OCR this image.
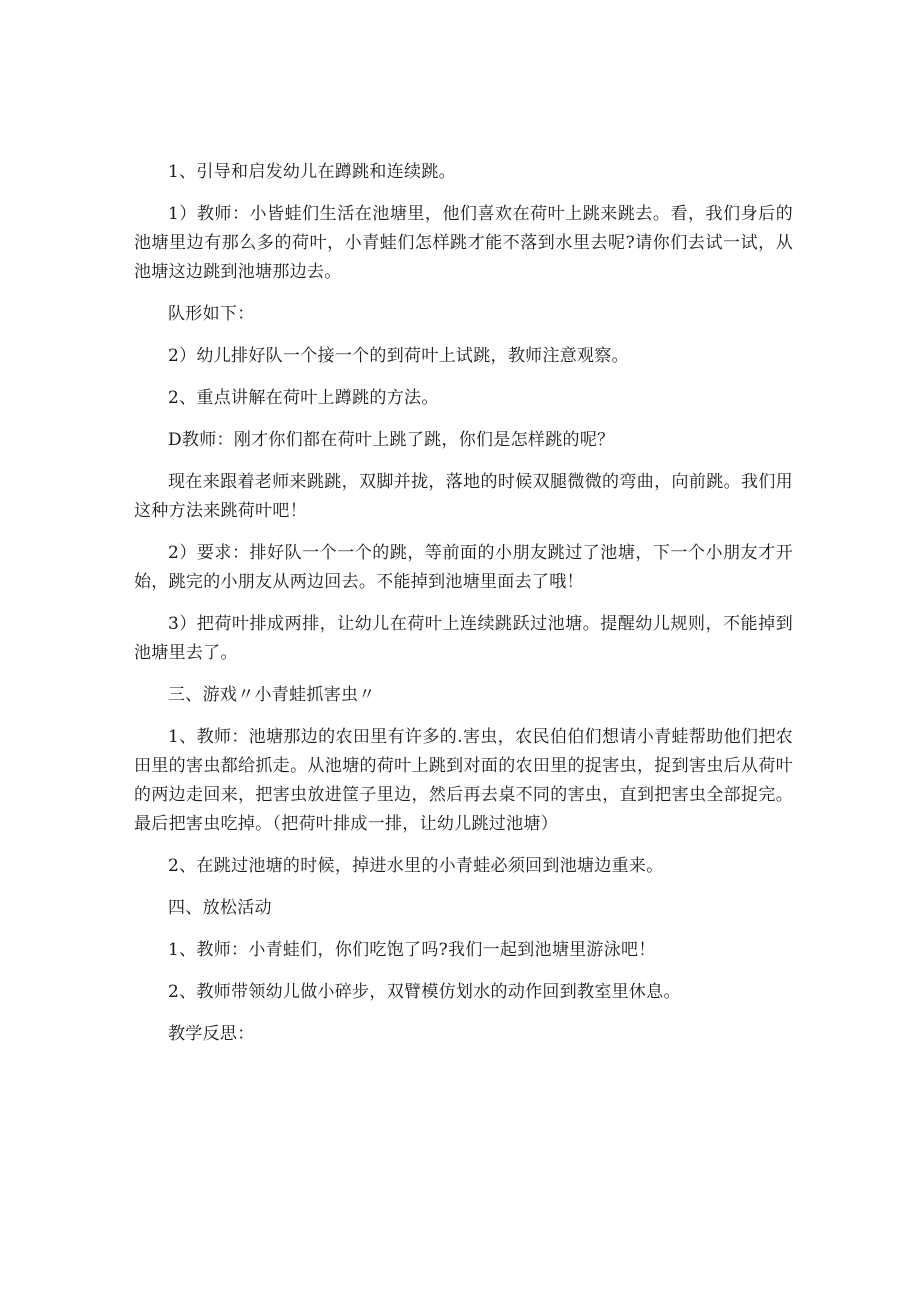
1、引导和启发幼儿在蹲跳和连续跳。

1）教师：小皆蛙们生活在池塘里，他们喜欢在荷叶上跳来跳去。看，我们身后的池塘里边有那么多的荷叶，小青蛙们怎样跳才能不落到水里去呢?请你们去试一试，从池塘这边跳到池塘那边去。

队形如下：

2）幼儿排好队一个接一个的到荷叶上试跳，教师注意观察。

2、重点讲解在荷叶上蹲跳的方法。

D教师：刚才你们都在荷叶上跳了跳，你们是怎样跳的呢？

现在来跟着老师来跳跳，双脚并拢，落地的时候双腿微微的弯曲，向前跳。我们用这种方法来跳荷叶吧！

2）要求：排好队一个一个的跳，等前面的小朋友跳过了池塘，下一个小朋友才开始，跳完的小朋友从两边回去。不能掉到池塘里面去了哦！

3）把荷叶排成两排，让幼儿在荷叶上连续跳跃过池塘。提醒幼儿规则，不能掉到池塘里去了。

三、游戏〃小青蛙抓害虫〃

1、教师：池塘那边的农田里有许多的.害虫，农民伯伯们想请小青蛙帮助他们把农田里的害虫都给抓走。从池塘的荷叶上跳到对面的农田里的捉害虫，捉到害虫后从荷叶的两边走回来，把害虫放进筐子里边，然后再去桌不同的害虫，直到把害虫全部捉完。最后把害虫吃掉。（把荷叶排成一排，让幼儿跳过池塘）

2、在跳过池塘的时候，掉进水里的小青蛙必须回到池塘边重来。

四、放松活动

1、教师：小青蛙们，你们吃饱了吗?我们一起到池塘里游泳吧！

2、教师带领幼儿做小碎步，双臂模仿划水的动作回到教室里休息。

教学反思：
